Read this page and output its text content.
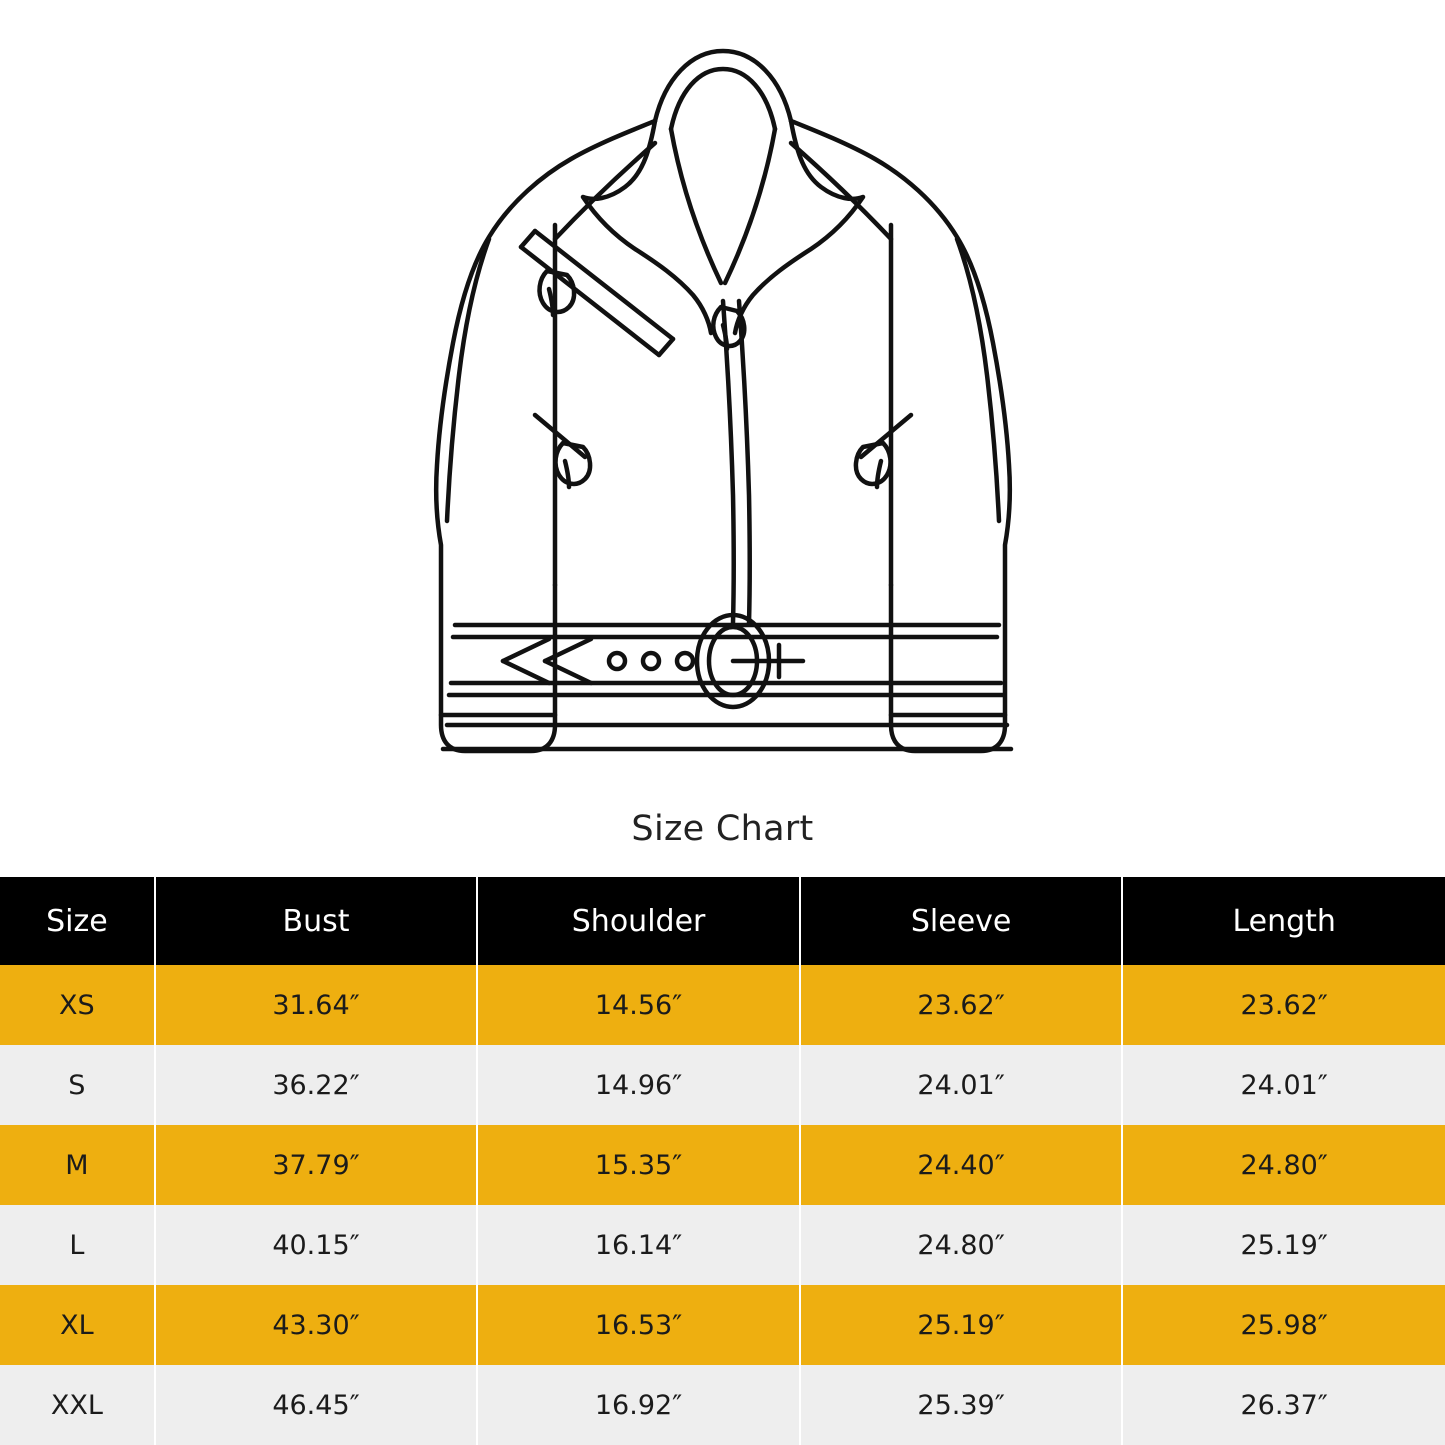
Size Chart
Size	Bust	Shoulder	Sleeve	Length
XS	31.64″	14.56″	23.62″	23.62″
S	36.22″	14.96″	24.01″	24.01″
M	37.79″	15.35″	24.40″	24.80″
L	40.15″	16.14″	24.80″	25.19″
XL	43.30″	16.53″	25.19″	25.98″
XXL	46.45″	16.92″	25.39″	26.37″
